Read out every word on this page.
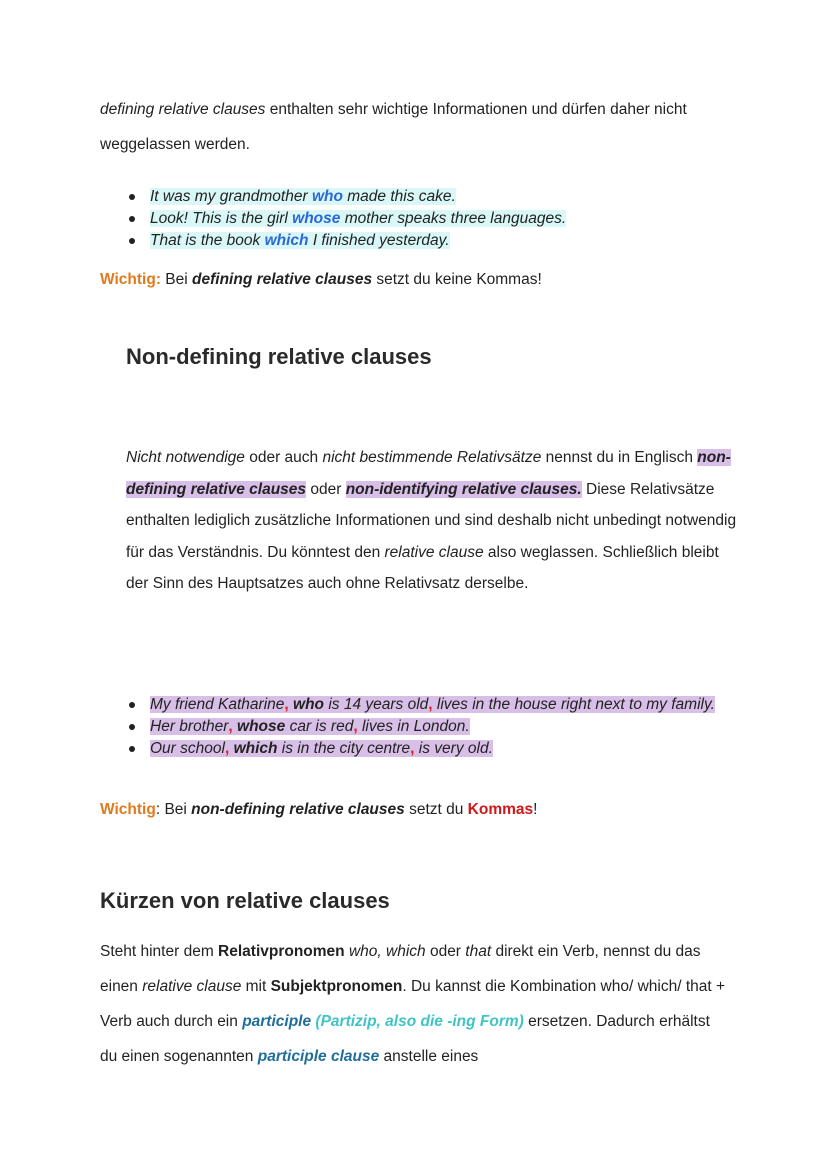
defining relative clauses enthalten sehr wichtige Informationen und dürfen daher nicht weggelassen werden.

It was my grandmother who made this cake.
Look! This is the girl whose mother speaks three languages.
That is the book which I finished yesterday.

Wichtig: Bei defining relative clauses setzt du keine Kommas!

Non-defining relative clauses

Nicht notwendige oder auch nicht bestimmende Relativsätze nennst du in Englisch non-defining relative clauses oder non-identifying relative clauses. Diese Relativsätze enthalten lediglich zusätzliche Informationen und sind deshalb nicht unbedingt notwendig für das Verständnis. Du könntest den relative clause also weglassen. Schließlich bleibt der Sinn des Hauptsatzes auch ohne Relativsatz derselbe.

My friend Katharine, who is 14 years old, lives in the house right next to my family.
Her brother, whose car is red, lives in London.
Our school, which is in the city centre, is very old.

Wichtig: Bei non-defining relative clauses setzt du Kommas!

Kürzen von relative clauses

Steht hinter dem Relativpronomen who, which oder that direkt ein Verb, nennst du das einen relative clause mit Subjektpronomen. Du kannst die Kombination who/ which/ that + Verb auch durch ein participle (Partizip, also die -ing Form) ersetzen. Dadurch erhältst du einen sogenannten participle clause anstelle eines
